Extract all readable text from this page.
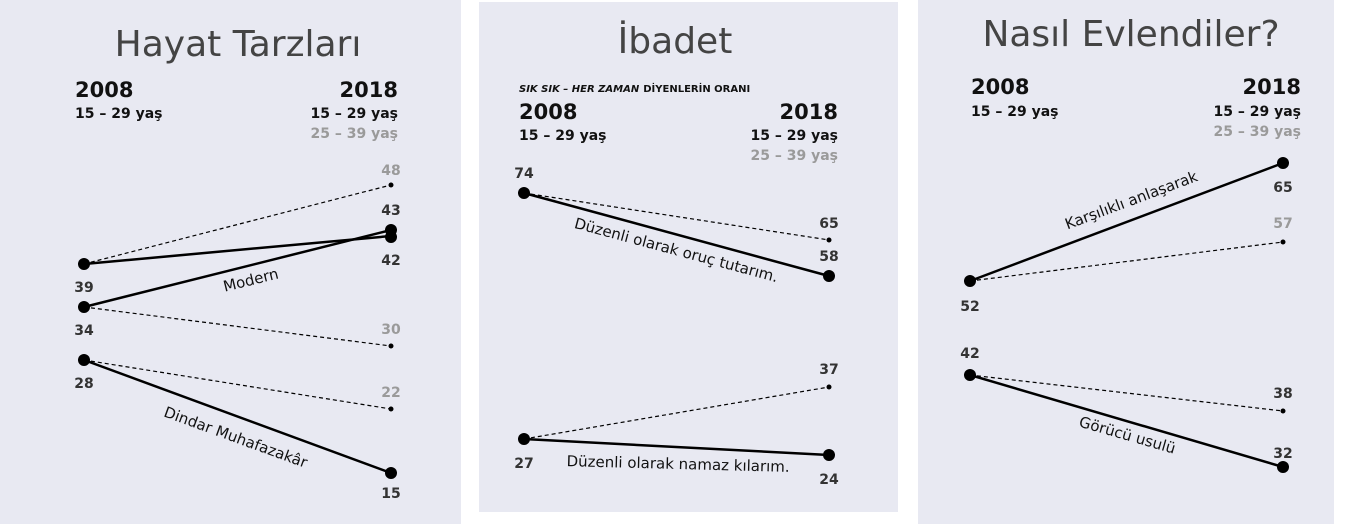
Hayat Tarzları
2008
15 – 29 yaş
2018
15 – 29 yaş
25 – 39 yaş
39
34
28
48
43
42
30
22
15
Modern
Dindar Muhafazakâr
İbadet
SIK SIK – HER ZAMAN DİYENLERİN ORANI
2008
15 – 29 yaş
2018
15 – 29 yaş
25 – 39 yaş
74
27
65
58
37
24
Düzenli olarak oruç tutarım.
Düzenli olarak namaz kılarım.
Nasıl Evlendiler?
2008
15 – 29 yaş
2018
15 – 29 yaş
25 – 39 yaş
52
42
65
57
38
32
Karşılıklı anlaşarak
Görücü usulü
